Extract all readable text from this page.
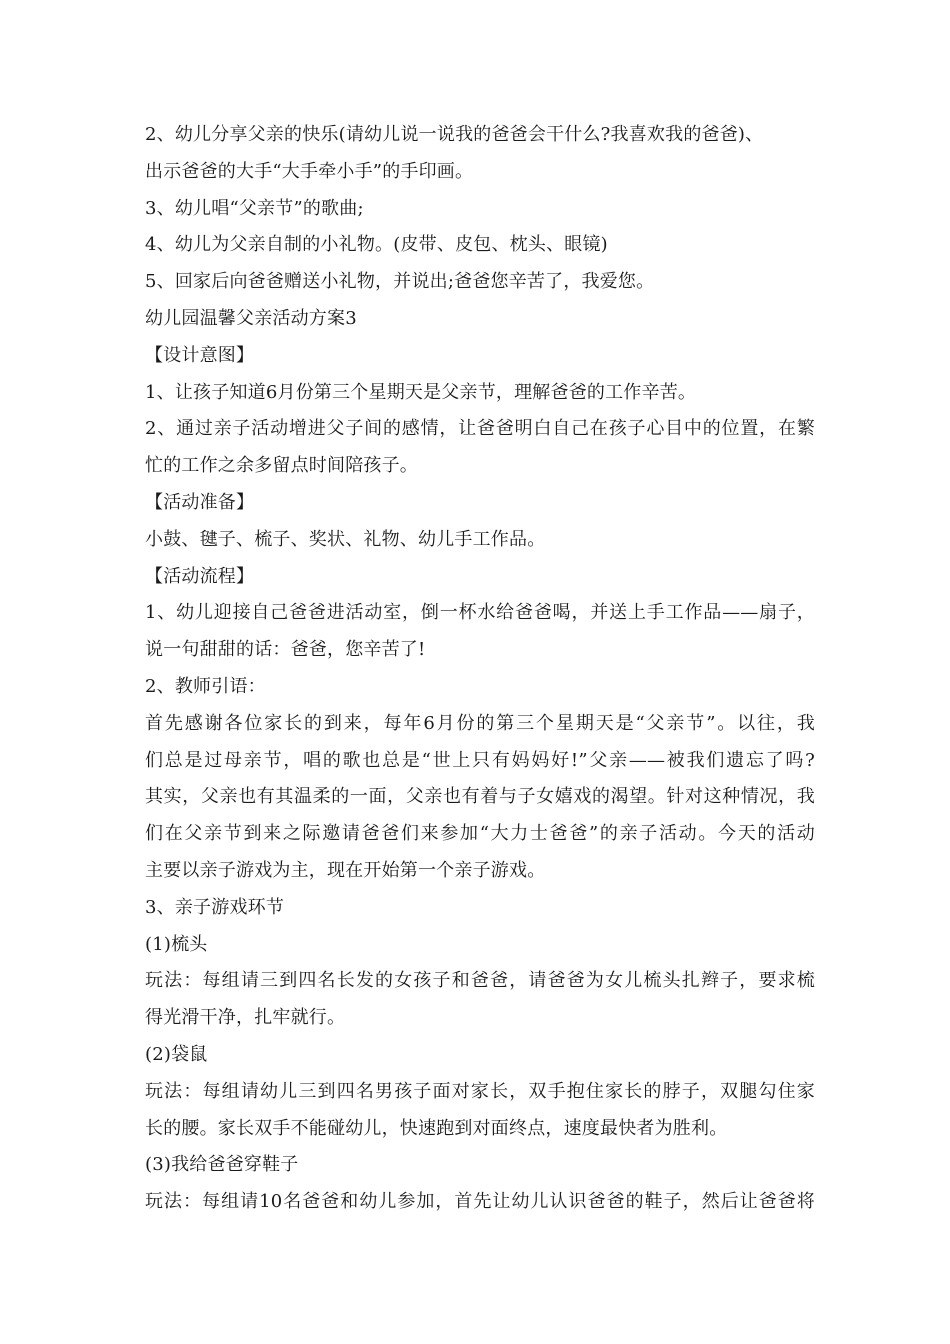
2、幼儿分享父亲的快乐(请幼儿说一说我的爸爸会干什么?我喜欢我的爸爸)、
出示爸爸的大手“大手牵小手”的手印画。
3、幼儿唱“父亲节”的歌曲;
4、幼儿为父亲自制的小礼物。(皮带、皮包、枕头、眼镜)
5、回家后向爸爸赠送小礼物，并说出;爸爸您辛苦了，我爱您。
幼儿园温馨父亲活动方案3
【设计意图】
1、让孩子知道6月份第三个星期天是父亲节，理解爸爸的工作辛苦。
2、通过亲子活动增进父子间的感情，让爸爸明白自己在孩子心目中的位置，在繁
忙的工作之余多留点时间陪孩子。
【活动准备】
小鼓、毽子、梳子、奖状、礼物、幼儿手工作品。
【活动流程】
1、幼儿迎接自己爸爸进活动室，倒一杯水给爸爸喝，并送上手工作品——扇子，
说一句甜甜的话：爸爸，您辛苦了!
2、教师引语：
首先感谢各位家长的到来，每年6月份的第三个星期天是“父亲节”。以往，我
们总是过母亲节，唱的歌也总是“世上只有妈妈好!”父亲——被我们遗忘了吗?
其实，父亲也有其温柔的一面，父亲也有着与子女嬉戏的渴望。针对这种情况，我
们在父亲节到来之际邀请爸爸们来参加“大力士爸爸”的亲子活动。今天的活动
主要以亲子游戏为主，现在开始第一个亲子游戏。
3、亲子游戏环节
(1)梳头
玩法：每组请三到四名长发的女孩子和爸爸，请爸爸为女儿梳头扎辫子，要求梳
得光滑干净，扎牢就行。
(2)袋鼠
玩法：每组请幼儿三到四名男孩子面对家长，双手抱住家长的脖子，双腿勾住家
长的腰。家长双手不能碰幼儿，快速跑到对面终点，速度最快者为胜利。
(3)我给爸爸穿鞋子
玩法：每组请10名爸爸和幼儿参加，首先让幼儿认识爸爸的鞋子，然后让爸爸将
